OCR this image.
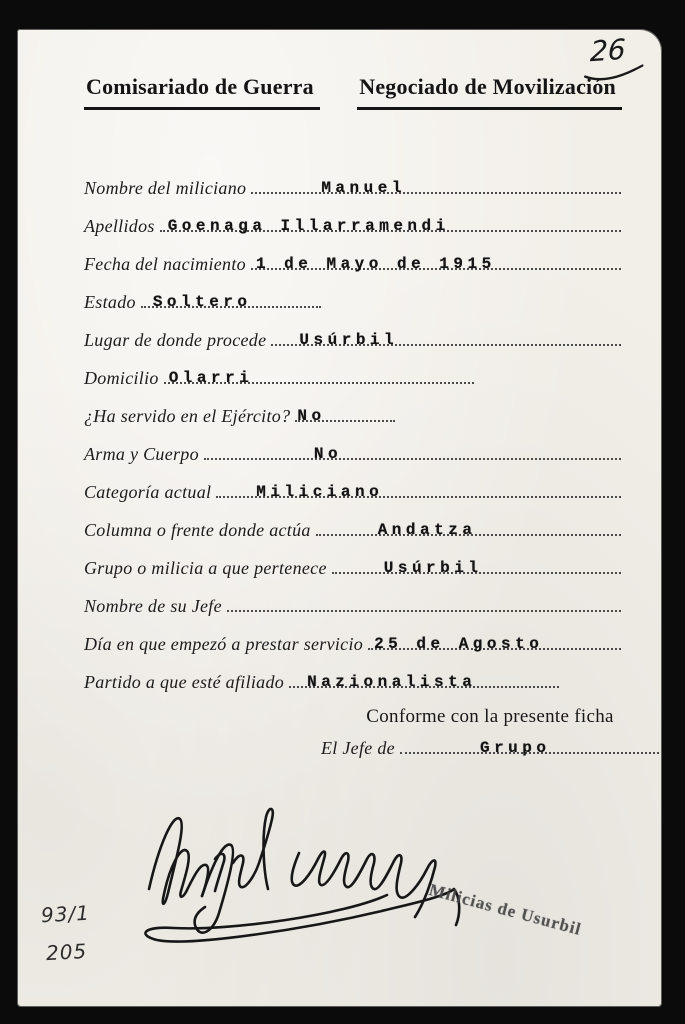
26
Comisariado de Guerra Negociado de Movilización
Nombre del miliciano	Manuel
Apellidos Goenaga Illarramendi
Fecha del nacimiento 1 de Mayo de 1915
Estado	Soltero
Lugar de donde procede	Usúrbil
Domicilio Olarri
¿Ha servido en el Ejército? No
Arma y Cuerpo	No
Categoría actual	Miliciano
Columna o frente donde actúa	Andatza
Grupo o milicia a que pertenece	Usúrbil
Nombre de su Jefe
Día en que empezó a prestar servicio 25 de Agosto
Partido a que esté afiliado	Nazionalista
Conforme con la presente ficha
El Jefe de	Grupo
Milicias de Usurbil
93/1
205
